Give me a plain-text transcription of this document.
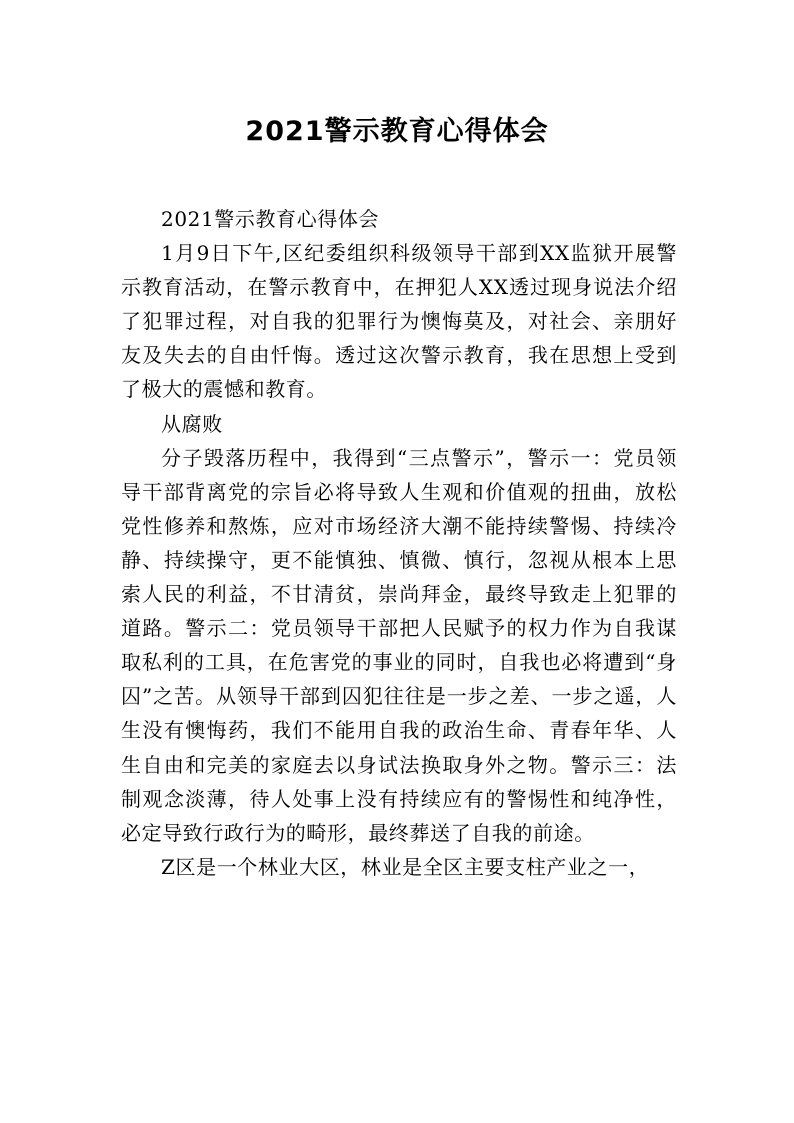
2021警示教育心得体会

2021警示教育心得体会

1月9日下午,区纪委组织科级领导干部到XX监狱开展警示教育活动，在警示教育中，在押犯人XX透过现身说法介绍了犯罪过程，对自我的犯罪行为懊悔莫及，对社会、亲朋好友及失去的自由忏悔。透过这次警示教育，我在思想上受到了极大的震憾和教育。

从腐败

分子毁落历程中，我得到“三点警示”，警示一：党员领导干部背离党的宗旨必将导致人生观和价值观的扭曲，放松党性修养和熬炼，应对市场经济大潮不能持续警惕、持续冷静、持续操守，更不能慎独、慎微、慎行，忽视从根本上思索人民的利益，不甘清贫，崇尚拜金，最终导致走上犯罪的道路。警示二：党员领导干部把人民赋予的权力作为自我谋取私利的工具，在危害党的事业的同时，自我也必将遭到“身囚”之苦。从领导干部到囚犯往往是一步之差、一步之遥，人生没有懊悔药，我们不能用自我的政治生命、青春年华、人生自由和完美的家庭去以身试法换取身外之物。警示三：法制观念淡薄，待人处事上没有持续应有的警惕性和纯净性，必定导致行政行为的畸形，最终葬送了自我的前途。

Z区是一个林业大区，林业是全区主要支柱产业之一，
